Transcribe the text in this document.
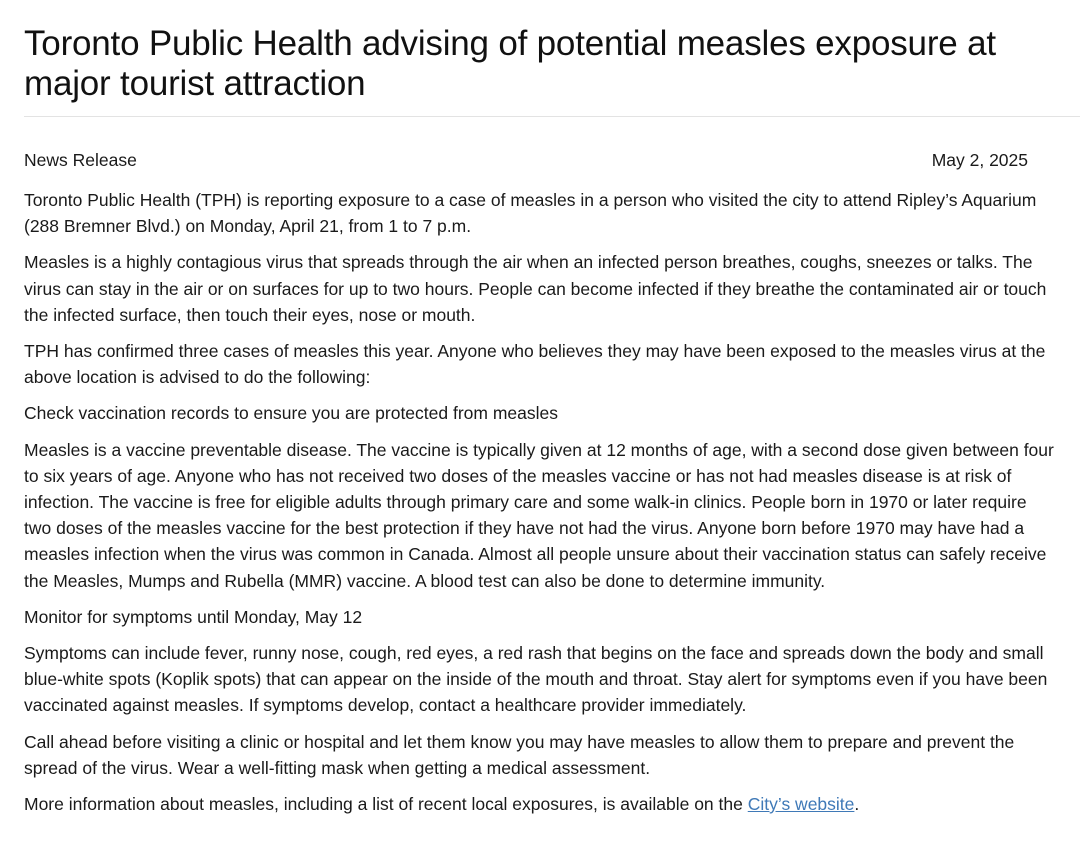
Toronto Public Health advising of potential measles exposure at
major tourist attraction
News Release	May 2, 2025

Toronto Public Health (TPH) is reporting exposure to a case of measles in a person who visited the city to attend Ripley’s Aquarium (288 Bremner Blvd.) on Monday, April 21, from 1 to 7 p.m.

Measles is a highly contagious virus that spreads through the air when an infected person breathes, coughs, sneezes or talks. The virus can stay in the air or on surfaces for up to two hours. People can become infected if they breathe the contaminated air or touch the infected surface, then touch their eyes, nose or mouth.

TPH has confirmed three cases of measles this year. Anyone who believes they may have been exposed to the measles virus at the above location is advised to do the following:

Check vaccination records to ensure you are protected from measles

Measles is a vaccine preventable disease. The vaccine is typically given at 12 months of age, with a second dose given between four to six years of age. Anyone who has not received two doses of the measles vaccine or has not had measles disease is at risk of infection. The vaccine is free for eligible adults through primary care and some walk-in clinics. People born in 1970 or later require two doses of the measles vaccine for the best protection if they have not had the virus. Anyone born before 1970 may have had a measles infection when the virus was common in Canada. Almost all people unsure about their vaccination status can safely receive the Measles, Mumps and Rubella (MMR) vaccine. A blood test can also be done to determine immunity.

Monitor for symptoms until Monday, May 12

Symptoms can include fever, runny nose, cough, red eyes, a red rash that begins on the face and spreads down the body and small blue-white spots (Koplik spots) that can appear on the inside of the mouth and throat. Stay alert for symptoms even if you have been vaccinated against measles. If symptoms develop, contact a healthcare provider immediately.

Call ahead before visiting a clinic or hospital and let them know you may have measles to allow them to prepare and prevent the spread of the virus. Wear a well-fitting mask when getting a medical assessment.

More information about measles, including a list of recent local exposures, is available on the City’s website.
